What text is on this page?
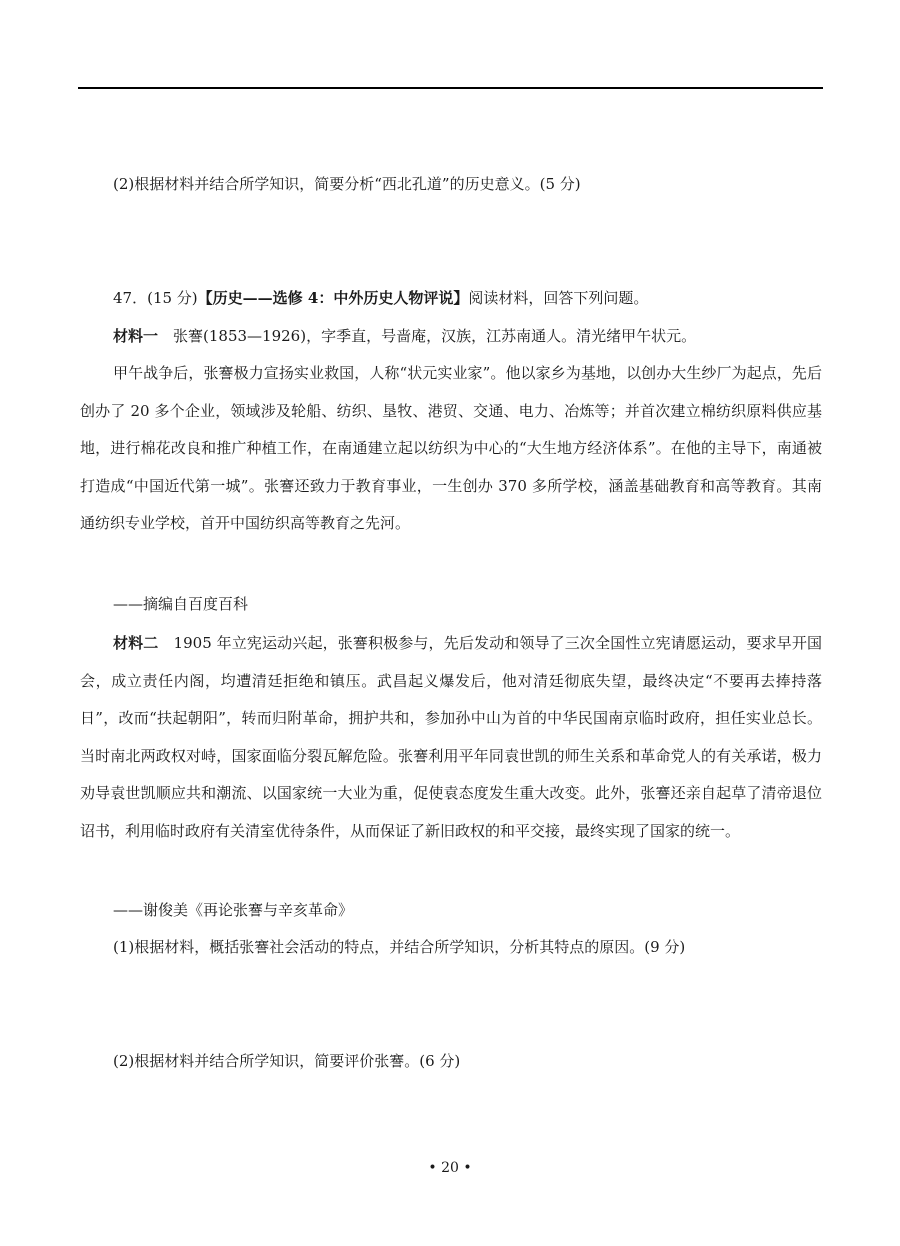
(2)根据材料并结合所学知识，简要分析“西北孔道”的历史意义。(5 分)
47．(15 分)【历史——选修 4：中外历史人物评说】阅读材料，回答下列问题。
材料一　张謇(1853—1926)，字季直，号啬庵，汉族，江苏南通人。清光绪甲午状元。
甲午战争后，张謇极力宣扬实业救国，人称“状元实业家”。他以家乡为基地，以创办大生纱厂为起点，先后创办了 20 多个企业，领域涉及轮船、纺织、垦牧、港贸、交通、电力、冶炼等；并首次建立棉纺织原料供应基地，进行棉花改良和推广种植工作，在南通建立起以纺织为中心的“大生地方经济体系”。在他的主导下，南通被打造成“中国近代第一城”。张謇还致力于教育事业，一生创办 370 多所学校，涵盖基础教育和高等教育。其南通纺织专业学校，首开中国纺织高等教育之先河。
——摘编自百度百科
材料二　1905 年立宪运动兴起，张謇积极参与，先后发动和领导了三次全国性立宪请愿运动，要求早开国会，成立责任内阁，均遭清廷拒绝和镇压。武昌起义爆发后，他对清廷彻底失望，最终决定“不要再去捧持落日”，改而“扶起朝阳”，转而归附革命，拥护共和，参加孙中山为首的中华民国南京临时政府，担任实业总长。当时南北两政权对峙，国家面临分裂瓦解危险。张謇利用平年同袁世凯的师生关系和革命党人的有关承诺，极力劝导袁世凯顺应共和潮流、以国家统一大业为重，促使袁态度发生重大改变。此外，张謇还亲自起草了清帝退位诏书，利用临时政府有关清室优待条件，从而保证了新旧政权的和平交接，最终实现了国家的统一。
——谢俊美《再论张謇与辛亥革命》
(1)根据材料，概括张謇社会活动的特点，并结合所学知识，分析其特点的原因。(9 分)
(2)根据材料并结合所学知识，简要评价张謇。(6 分)
• 20 •
